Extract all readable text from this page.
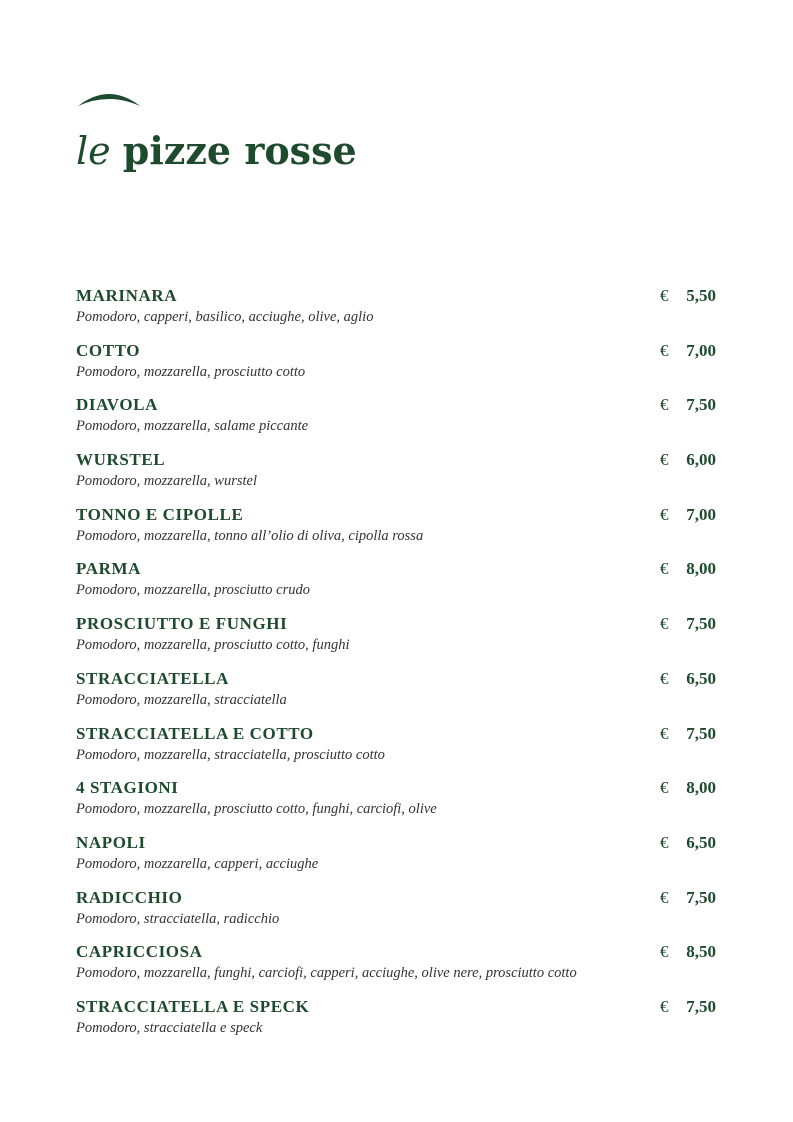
le pizze rosse
MARINARA
Pomodoro, capperi, basilico, acciughe, olive, aglio
€ 5,50
COTTO
Pomodoro, mozzarella, prosciutto cotto
€ 7,00
DIAVOLA
Pomodoro, mozzarella, salame piccante
€ 7,50
WURSTEL
Pomodoro, mozzarella, wurstel
€ 6,00
TONNO E CIPOLLE
Pomodoro, mozzarella, tonno all’olio di oliva, cipolla rossa
€ 7,00
PARMA
Pomodoro, mozzarella, prosciutto crudo
€ 8,00
PROSCIUTTO E FUNGHI
Pomodoro, mozzarella, prosciutto cotto, funghi
€ 7,50
STRACCIATELLA
Pomodoro, mozzarella, stracciatella
€ 6,50
STRACCIATELLA E COTTO
Pomodoro, mozzarella, stracciatella, prosciutto cotto
€ 7,50
4 STAGIONI
Pomodoro, mozzarella, prosciutto cotto, funghi, carciofi, olive
€ 8,00
NAPOLI
Pomodoro, mozzarella, capperi, acciughe
€ 6,50
RADICCHIO
Pomodoro, stracciatella, radicchio
€ 7,50
CAPRICCIOSA
Pomodoro, mozzarella, funghi, carciofi, capperi, acciughe, olive nere, prosciutto cotto
€ 8,50
STRACCIATELLA E SPECK
Pomodoro, stracciatella e speck
€ 7,50
